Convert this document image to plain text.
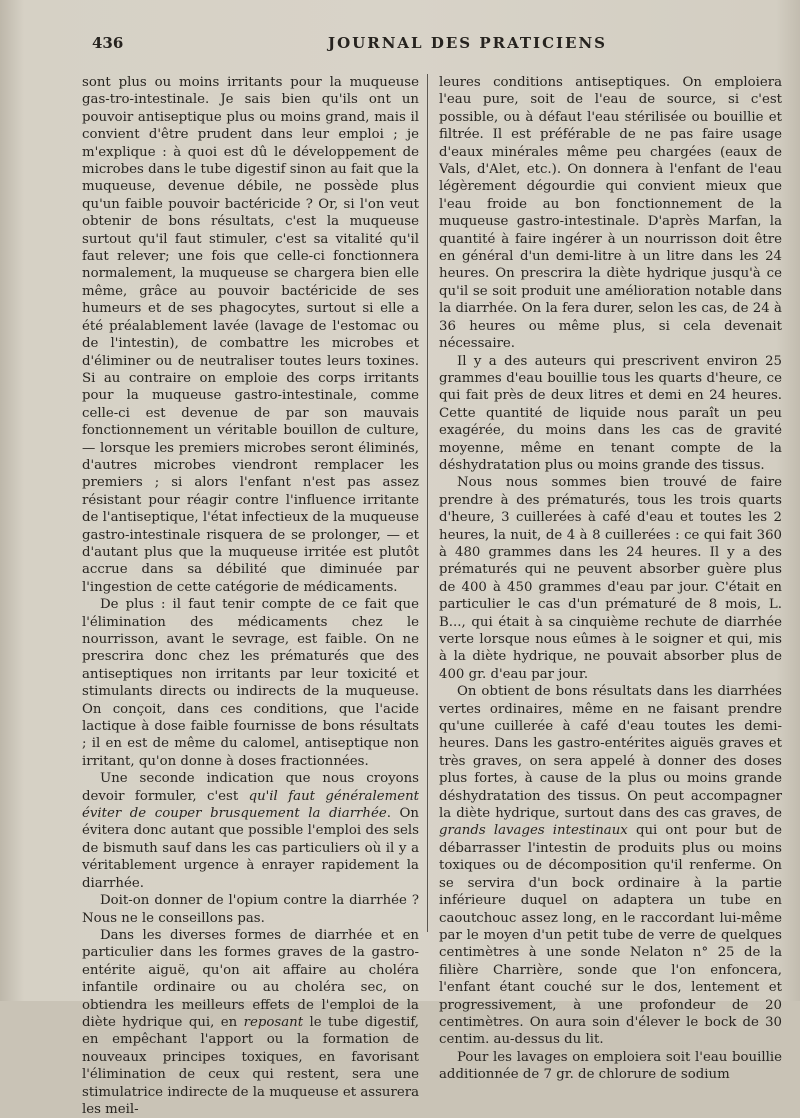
436	JOURNAL DES PRATICIENS

sont plus ou moins irritants pour la muqueuse gas-tro-intestinale. Je sais bien qu'ils ont un pouvoir antiseptique plus ou moins grand, mais il convient d'être prudent dans leur emploi ; je m'explique : à quoi est dû le développement de microbes dans le tube digestif sinon au fait que la muqueuse, devenue débile, ne possède plus qu'un faible pouvoir bactéricide ? Or, si l'on veut obtenir de bons résultats, c'est la muqueuse surtout qu'il faut stimuler, c'est sa vitalité qu'il faut relever; une fois que celle-ci fonctionnera normalement, la muqueuse se chargera bien elle même, grâce au pouvoir bactéricide de ses humeurs et de ses phagocytes, surtout si elle a été préalablement lavée (lavage de l'estomac ou de l'intestin), de combattre les microbes et d'éliminer ou de neutraliser toutes leurs toxines. Si au contraire on emploie des corps irritants pour la muqueuse gastro-intestinale, comme celle-ci est devenue de par son mauvais fonctionnement un véritable bouillon de culture, — lorsque les premiers microbes seront éliminés, d'autres microbes viendront remplacer les premiers ; si alors l'enfant n'est pas assez résistant pour réagir contre l'influence irritante de l'antiseptique, l'état infectieux de la muqueuse gastro-intestinale risquera de se prolonger, — et d'autant plus que la muqueuse irritée est plutôt accrue dans sa débilité que diminuée par l'ingestion de cette catégorie de médicaments.

De plus : il faut tenir compte de ce fait que l'élimination des médicaments chez le nourrisson, avant le sevrage, est faible. On ne prescrira donc chez les prématurés que des antiseptiques non irritants par leur toxicité et stimulants directs ou indirects de la muqueuse. On conçoit, dans ces conditions, que l'acide lactique à dose faible fournisse de bons résultats ; il en est de même du calomel, antiseptique non irritant, qu'on donne à doses fractionnées.

Une seconde indication que nous croyons devoir formuler, c'est qu'il faut généralement éviter de couper brusquement la diarrhée. On évitera donc autant que possible l'emploi des sels de bismuth sauf dans les cas particuliers où il y a véritablement urgence à enrayer rapidement la diarrhée.

Doit-on donner de l'opium contre la diarrhée ? Nous ne le conseillons pas.

Dans les diverses formes de diarrhée et en particulier dans les formes graves de la gastro-entérite aiguë, qu'on ait affaire au choléra infantile ordinaire ou au choléra sec, on obtiendra les meilleurs effets de l'emploi de la diète hydrique qui, en reposant le tube digestif, en empêchant l'apport ou la formation de nouveaux principes toxiques, en favorisant l'élimination de ceux qui restent, sera une stimulatrice indirecte de la muqueuse et assurera les meil-

leures conditions antiseptiques. On emploiera l'eau pure, soit de l'eau de source, si c'est possible, ou à défaut l'eau stérilisée ou bouillie et filtrée. Il est préférable de ne pas faire usage d'eaux minérales même peu chargées (eaux de Vals, d'Alet, etc.). On donnera à l'enfant de l'eau légèrement dégourdie qui convient mieux que l'eau froide au bon fonctionnement de la muqueuse gastro-intestinale. D'après Marfan, la quantité à faire ingérer à un nourrisson doit être en général d'un demi-litre à un litre dans les 24 heures. On prescrira la diète hydrique jusqu'à ce qu'il se soit produit une amélioration notable dans la diarrhée. On la fera durer, selon les cas, de 24 à 36 heures ou même plus, si cela devenait nécessaire.

Il y a des auteurs qui prescrivent environ 25 grammes d'eau bouillie tous les quarts d'heure, ce qui fait près de deux litres et demi en 24 heures. Cette quantité de liquide nous paraît un peu exagérée, du moins dans les cas de gravité moyenne, même en tenant compte de la déshydratation plus ou moins grande des tissus.

Nous nous sommes bien trouvé de faire prendre à des prématurés, tous les trois quarts d'heure, 3 cuillerées à café d'eau et toutes les 2 heures, la nuit, de 4 à 8 cuillerées : ce qui fait 360 à 480 grammes dans les 24 heures. Il y a des prématurés qui ne peuvent absorber guère plus de 400 à 450 grammes d'eau par jour. C'était en particulier le cas d'un prématuré de 8 mois, L. B..., qui était à sa cinquième rechute de diarrhée verte lorsque nous eûmes à le soigner et qui, mis à la diète hydrique, ne pouvait absorber plus de 400 gr. d'eau par jour.

On obtient de bons résultats dans les diarrhées vertes ordinaires, même en ne faisant prendre qu'une cuillerée à café d'eau toutes les demi-heures. Dans les gastro-entérites aiguës graves et très graves, on sera appelé à donner des doses plus fortes, à cause de la plus ou moins grande déshydratation des tissus. On peut accompagner la diète hydrique, surtout dans des cas graves, de grands lavages intestinaux qui ont pour but de débarrasser l'intestin de produits plus ou moins toxiques ou de décomposition qu'il renferme. On se servira d'un bock ordinaire à la partie inférieure duquel on adaptera un tube en caoutchouc assez long, en le raccordant lui-même par le moyen d'un petit tube de verre de quelques centimètres à une sonde Nelaton n° 25 de la filière Charrière, sonde que l'on enfoncera, l'enfant étant couché sur le dos, lentement et progressivement, à une profondeur de 20 centimètres. On aura soin d'élever le bock de 30 centim. au-dessus du lit.

Pour les lavages on emploiera soit l'eau bouillie additionnée de 7 gr. de chlorure de sodium
